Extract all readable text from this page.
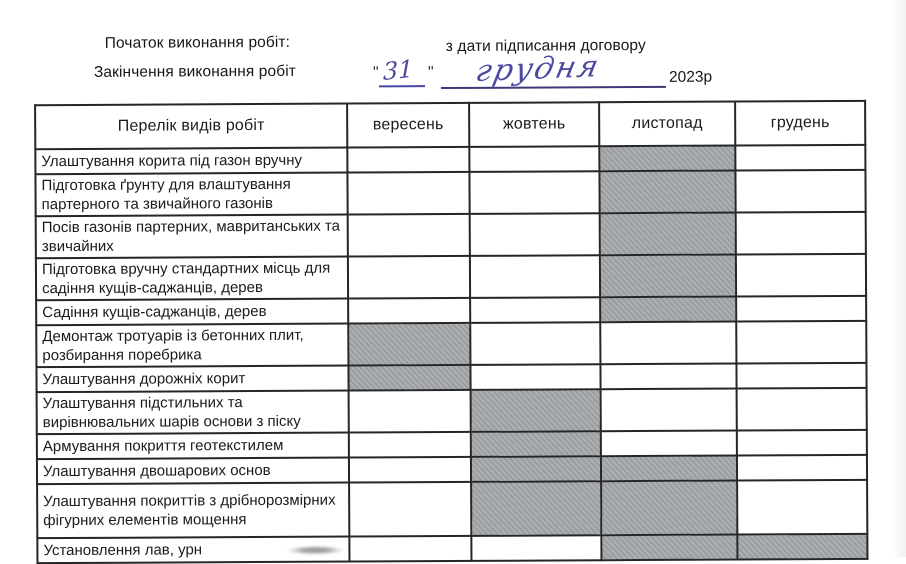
Початок виконання робіт:	з дати підписання договору
Закінчення виконання робіт	" 31 " грудня	2023р
Перелік видів робіт	вересень	жовтень	листопад	грудень
Улаштування корита під газон вручну				
Підготовка ґрунту для влаштування партерного та звичайного газонів				
Посів газонів партерних, мавританських та звичайних				
Підготовка вручну стандартних місць для садіння кущів-саджанців, дерев				
Садіння кущів-саджанців, дерев				
Демонтаж тротуарів із бетонних плит, розбирання поребрика				
Улаштування дорожніх корит				
Улаштування підстильних та вирівнювальних шарів основи з піску				
Армування покриття геотекстилем				
Улаштування двошарових основ				
Улаштування покриттів з дрібнорозмірних фігурних елементів мощення				
Установлення лав, урн				
